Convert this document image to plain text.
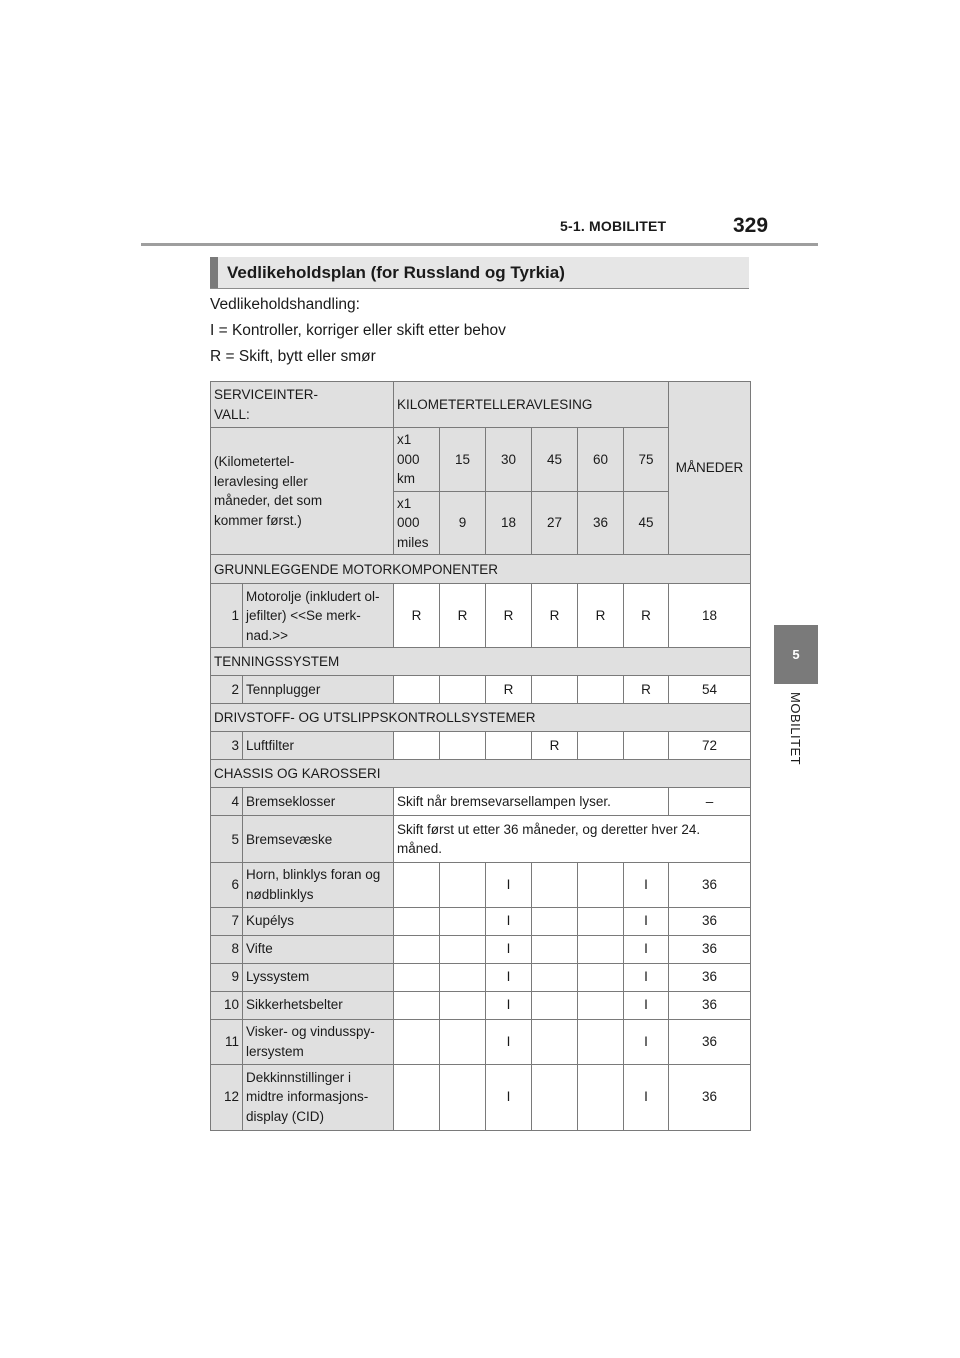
5-1. MOBILITET	329
5
MOBILITET
Vedlikeholdsplan (for Russland og Tyrkia)
Vedlikeholdshandling:
I = Kontroller, korriger eller skift etter behov
R = Skift, bytt eller smør
SERVICEINTER-
VALL:		KILOMETERTELLERAVLESING						MÅNEDER	
(Kilometertel-
leravlesing eller
måneder, det som
kommer først.)		x1 000
km	15	30	45	60	75	
		x1 000
miles	9	18	27	36	45	
GRUNNLEGGENDE MOTORKOMPONENTER									
1	Motorolje (inkludert ol-
jefilter) <<Se merk-
nad.>>	R	R	R	R	R	R	18	
TENNINGSSYSTEM									
2	Tennplugger			R			R	54	
DRIVSTOFF- OG UTSLIPPSKONTROLLSYSTEMER									
3	Luftfilter				R			72	
CHASSIS OG KAROSSERI									
4	Bremseklosser	Skift når bremsevarsellampen lyser.						–	
5	Bremsevæske	Skift først ut etter 36 måneder, og deretter hver 24.
måned.							
6	Horn, blinklys foran og
nødblinklys			I			I	36	
7	Kupélys			I			I	36	
8	Vifte			I			I	36	
9	Lyssystem			I			I	36	
10	Sikkerhetsbelter			I			I	36	
11	Visker- og vindusspy-
lersystem			I			I	36	
12	Dekkinnstillinger i
midtre informasjons-
display (CID)			I			I	36	
